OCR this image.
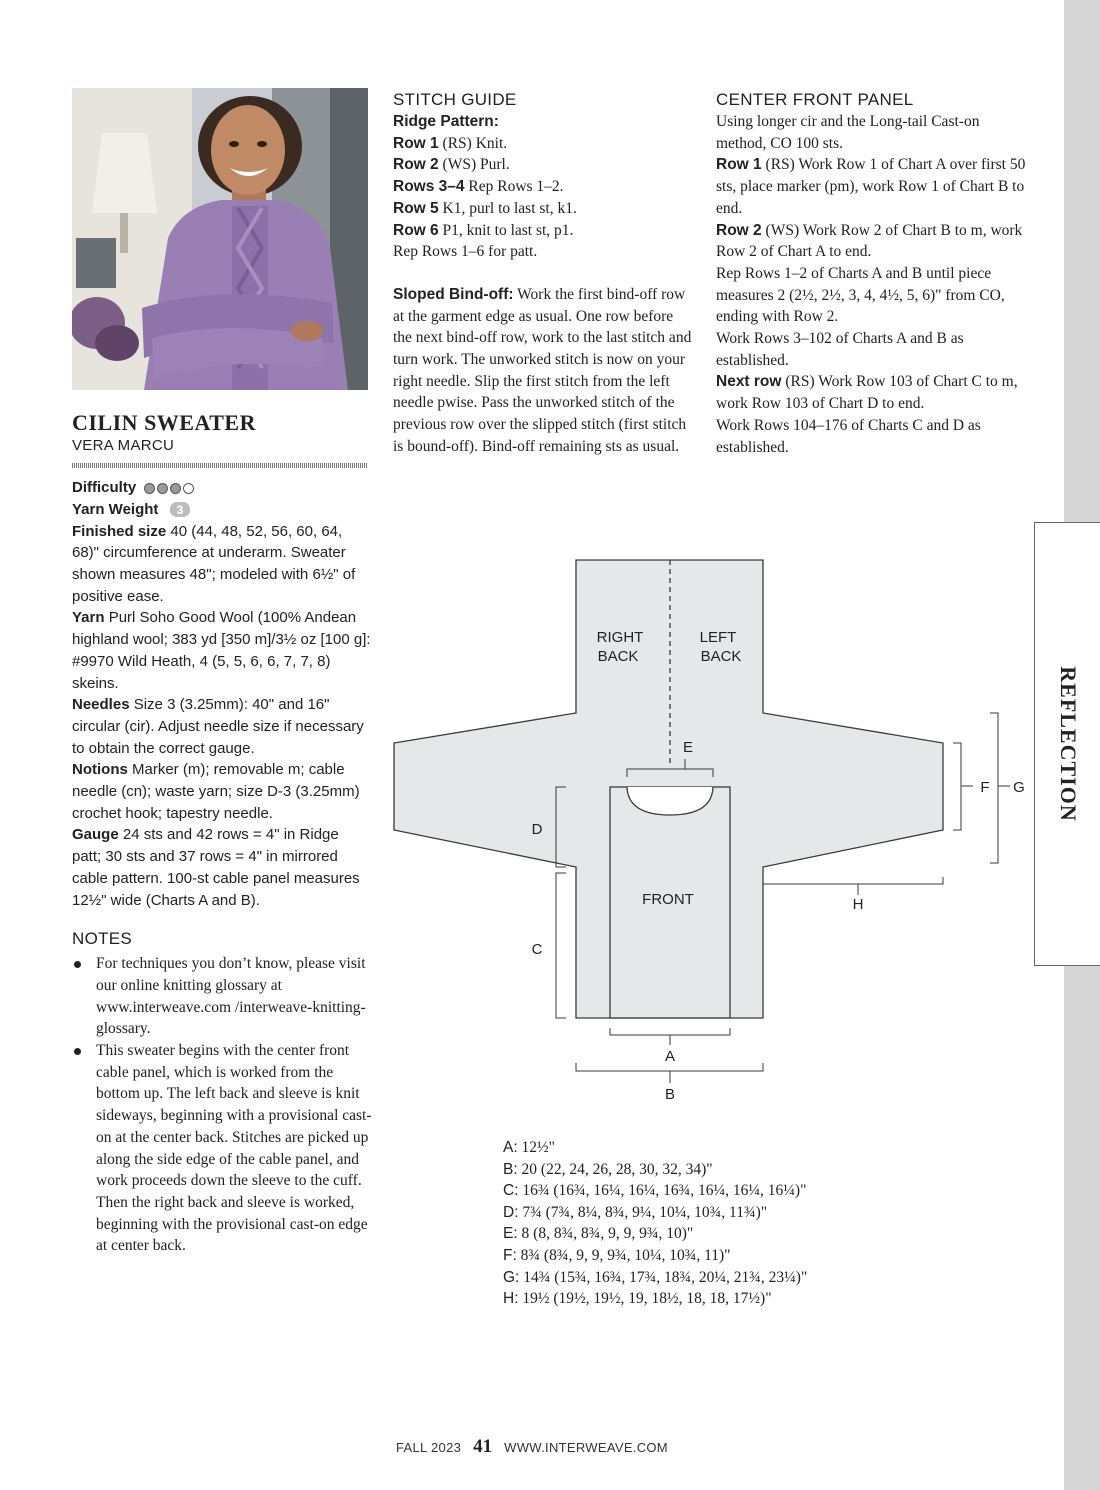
REFLECTION
CILIN SWEATER
VERA MARCU
Difficulty
Yarn Weight 3
Finished size 40 (44, 48, 52, 56, 60, 64, 68)" circumference at underarm. Sweater shown measures 48"; modeled with 6½" of positive ease.
Yarn Purl Soho Good Wool (100% Andean highland wool; 383 yd [350 m]/3½ oz [100 g]: #9970 Wild Heath, 4 (5, 5, 6, 6, 7, 7, 8) skeins.
Needles Size 3 (3.25mm): 40" and 16" circular (cir). Adjust needle size if necessary to obtain the correct gauge.
Notions Marker (m); removable m; cable needle (cn); waste yarn; size D-3 (3.25mm) crochet hook; tapestry needle.
Gauge 24 sts and 42 rows = 4" in Ridge patt; 30 sts and 37 rows = 4" in mirrored cable pattern. 100-st cable panel measures 12½" wide (Charts A and B).
NOTES
For techniques you don’t know, please visit our online knitting glossary at www.interweave.com /interweave-knitting-glossary.
This sweater begins with the center front cable panel, which is worked from the bottom up. The left back and sleeve is knit sideways, beginning with a provisional cast-on at the center back. Stitches are picked up along the side edge of the cable panel, and work proceeds down the sleeve to the cuff. Then the right back and sleeve is worked, beginning with the provisional cast-on edge at center back.
STITCH GUIDE
Ridge Pattern:
Row 1 (RS) Knit.
Row 2 (WS) Purl.
Rows 3–4 Rep Rows 1–2.
Row 5 K1, purl to last st, k1.
Row 6 P1, knit to last st, p1.
Rep Rows 1–6 for patt.
Sloped Bind-off: Work the first bind-off row at the garment edge as usual. One row before the next bind-off row, work to the last stitch and turn work. The unworked stitch is now on your right needle. Slip the first stitch from the left needle pwise. Pass the unworked stitch of the previous row over the slipped stitch (first stitch is bound-off). Bind-off remaining sts as usual.
CENTER FRONT PANEL
Using longer cir and the Long-tail Cast-on method, CO 100 sts.
Row 1 (RS) Work Row 1 of Chart A over first 50 sts, place marker (pm), work Row 1 of Chart B to end.
Row 2 (WS) Work Row 2 of Chart B to m, work Row 2 of Chart A to end.
Rep Rows 1–2 of Charts A and B until piece measures 2 (2½, 2½, 3, 4, 4½, 5, 6)" from CO, ending with Row 2.
Work Rows 3–102 of Charts A and B as established.
Next row (RS) Work Row 103 of Chart C to m, work Row 103 of Chart D to end.
Work Rows 104–176 of Charts C and D as established.
RIGHT
BACK
LEFT
BACK
FRONT
E
D
C
A
B
H
F G
A: 12½"
B: 20 (22, 24, 26, 28, 30, 32, 34)"
C: 16¾ (16¾, 16¼, 16¼, 16¾, 16¼, 16¼, 16¼)"
D: 7¾ (7¾, 8¼, 8¾, 9¼, 10¼, 10¾, 11¾)"
E: 8 (8, 8¾, 8¾, 9, 9, 9¾, 10)"
F: 8¾ (8¾, 9, 9, 9¾, 10¼, 10¾, 11)"
G: 14¾ (15¾, 16¾, 17¾, 18¾, 20¼, 21¾, 23¼)"
H: 19½ (19½, 19½, 19, 18½, 18, 18, 17½)"
FALL 2023 41 WWW.INTERWEAVE.COM
